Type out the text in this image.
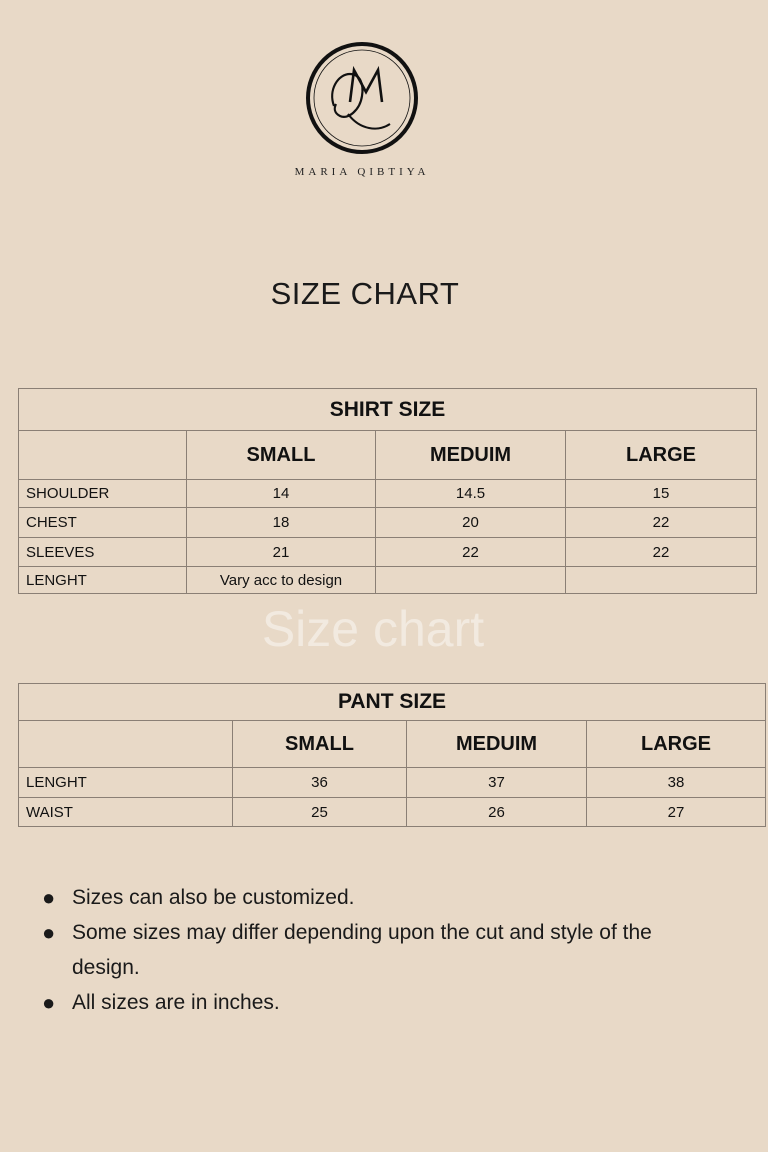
MARIA QIBTIYA
SIZE CHART
SHIRT SIZE			
	SMALL	MEDUIM	LARGE
SHOULDER	14	14.5	15
CHEST	18	20	22
SLEEVES	21	22	22
LENGHT	Vary acc to design		
Size chart
PANT SIZE			
	SMALL	MEDUIM	LARGE
LENGHT	36	37	38
WAIST	25	26	27
● Sizes can also be customized.
● Some sizes may differ depending upon the cut and style of the design.
● All sizes are in inches.
